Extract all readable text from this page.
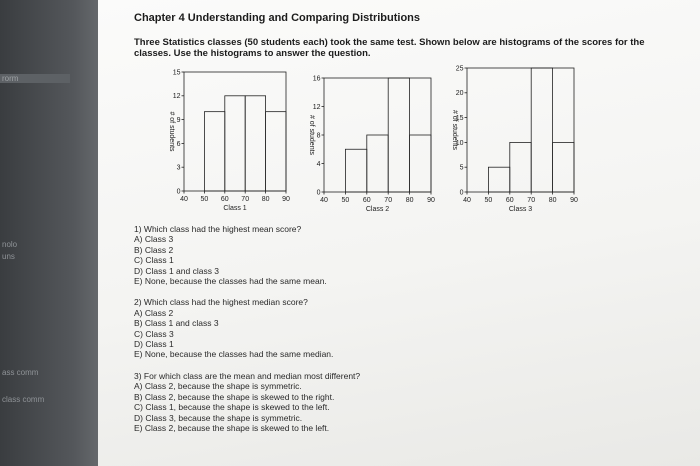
rorm
nolo
uns
ass comm
class comm
Chapter 4 Understanding and Comparing Distributions
Three Statistics classes (50 students each) took the same test. Shown below are histograms of the scores for the classes. Use the histograms to answer the question.
0
3
6
9
12
15
40 50 60 70 80 90
Class 1
# of students
0
4
8
12
16
40 50 60 70 80 90
Class 2
# of students
0
5
10
15
20
25
40 50 60 70 80 90
Class 3
# of students
1) Which class had the highest mean score?
A) Class 3
B) Class 2
C) Class 1
D) Class 1 and class 3
E) None, because the classes had the same mean.
2) Which class had the highest median score?
A) Class 2
B) Class 1 and class 3
C) Class 3
D) Class 1
E) None, because the classes had the same median.
3) For which class are the mean and median most different?
A) Class 2, because the shape is symmetric.
B) Class 2, because the shape is skewed to the right.
C) Class 1, because the shape is skewed to the left.
D) Class 3, because the shape is symmetric.
E) Class 2, because the shape is skewed to the left.
